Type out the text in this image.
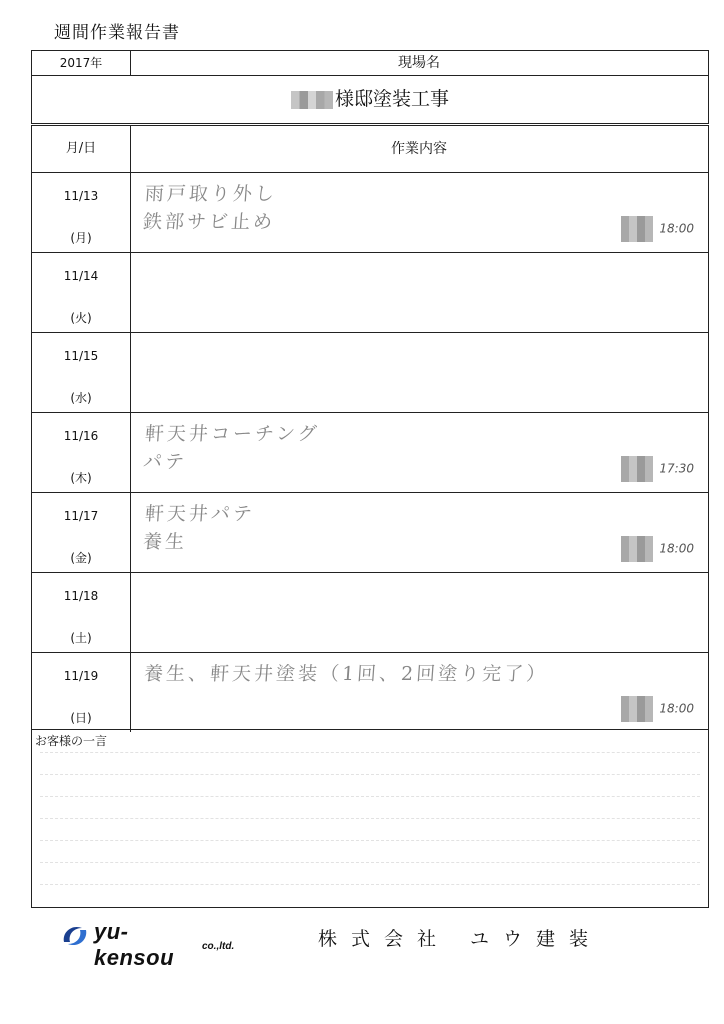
週間作業報告書
2017年	現場名
様邸塗装工事
月/日	作業内容
11/13
(月)
雨戸取り外し
鉄部サビ止め	18:00
11/14
(火)
11/15
(水)
11/16
(木)
軒天井コーチング
パテ	17:30
11/17
(金)
軒天井パテ
養生	18:00
11/18
(土)
11/19
(日)
養生、軒天井塗装（1回、2回塗り完了）
18:00
お客様の一言
yu-kensou	co.,ltd.	株式会社 ユウ建装
